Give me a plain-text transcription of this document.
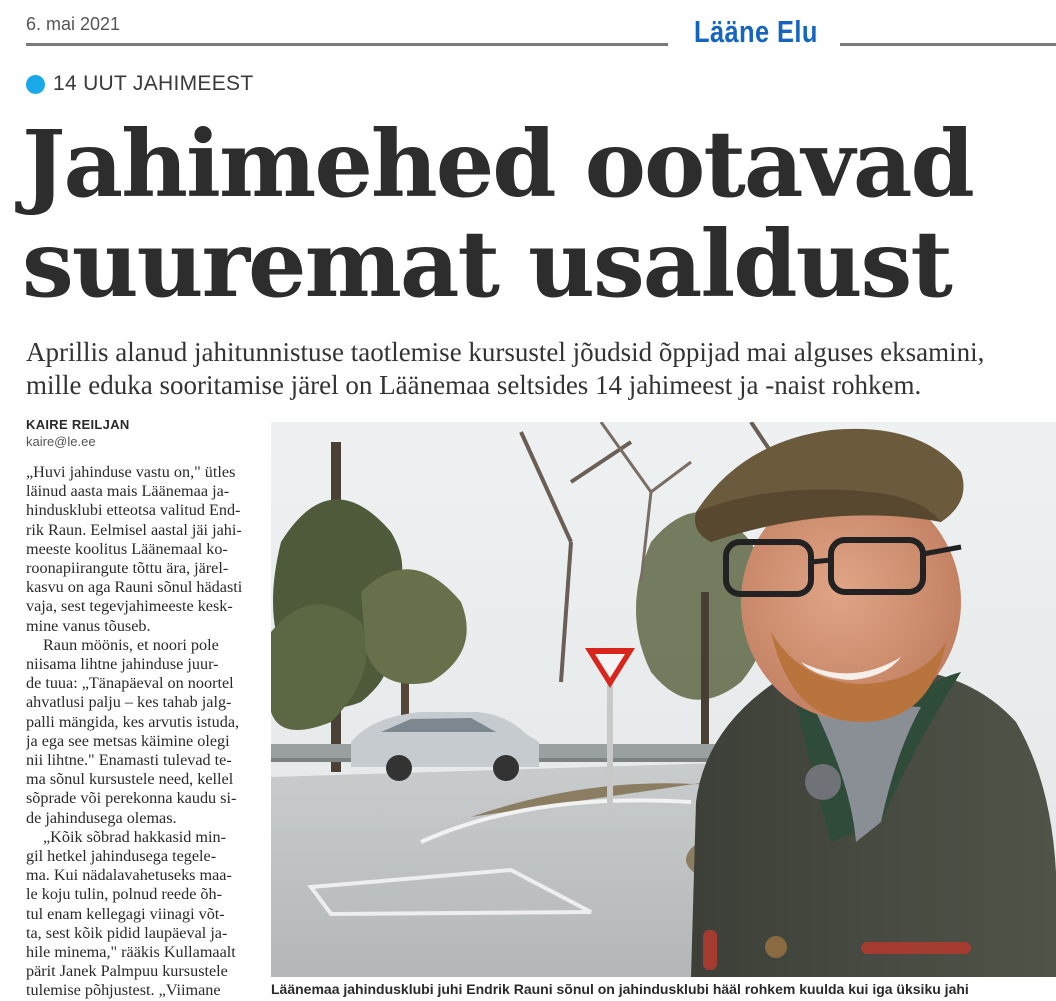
6. mai 2021	Lääne Elu
14 UUT JAHIMEEST
Jahimehed ootavad
suuremat usaldust

Aprillis alanud jahitunnistuse taotlemise kursustel jõudsid õppijad mai alguses eksamini,
mille eduka sooritamise järel on Läänemaa seltsides 14 jahimeest ja -naist rohkem.

KAIRE REILJAN
kaire@le.ee

„Huvi jahinduse vastu on," ütles
läinud aasta mais Läänemaa ja-
hindusklubi etteotsa valitud End-
rik Raun. Eelmisel aastal jäi jahi-
meeste koolitus Läänemaal ko-
roonapiirangute tõttu ära, järel-
kasvu on aga Rauni sõnul hädasti
vaja, sest tegevjahimeeste kesk-
mine vanus tõuseb.

Raun möönis, et noori pole
niisama lihtne jahinduse juur-
de tuua: „Tänapäeval on noortel
ahvatlusi palju – kes tahab jalg-
palli mängida, kes arvutis istuda,
ja ega see metsas käimine olegi
nii lihtne." Enamasti tulevad te-
ma sõnul kursustele need, kellel
sõprade või perekonna kaudu si-
de jahindusega olemas.

„Kõik sõbrad hakkasid min-
gil hetkel jahindusega tegele-
ma. Kui nädalavahetuseks maa-
le koju tulin, polnud reede õh-
tul enam kellegagi viinagi võt-
ta, sest kõik pidid laupäeval ja-
hile minema," rääkis Kullamaalt
pärit Janek Palmpuu kursustele
tulemise põhjustest. „Viimane	Läänemaa jahindusklubi juhi Endrik Rauni sõnul on jahindusklubi hääl rohkem kuulda kui iga üksiku jahi
